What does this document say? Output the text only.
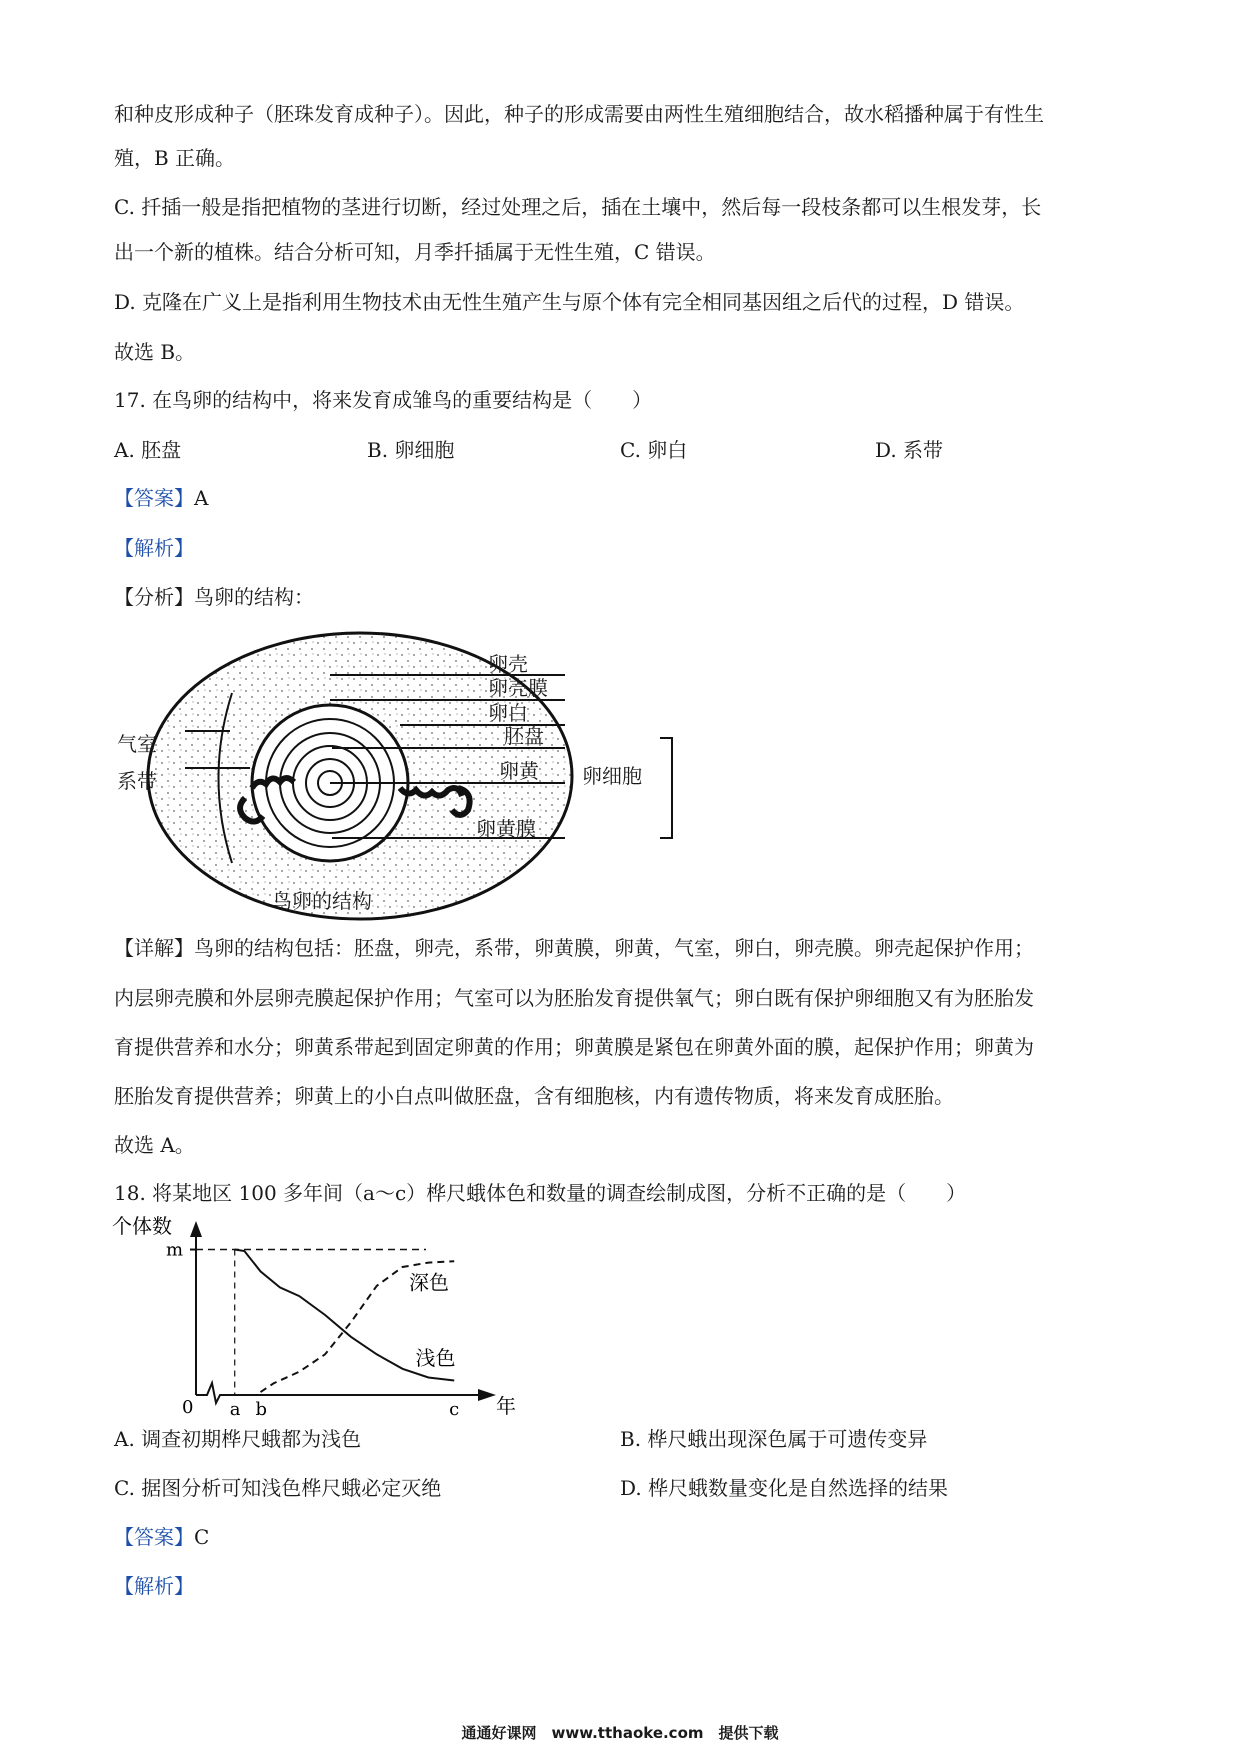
和种皮形成种子（胚珠发育成种子）。因此，种子的形成需要由两性生殖细胞结合，故水稻播种属于有性生
殖，B 正确。
C. 扦插一般是指把植物的茎进行切断，经过处理之后，插在土壤中，然后每一段枝条都可以生根发芽，长
出一个新的植株。结合分析可知，月季扦插属于无性生殖，C 错误。
D. 克隆在广义上是指利用生物技术由无性生殖产生与原个体有完全相同基因组之后代的过程，D 错误。
故选 B。
17. 在鸟卵的结构中，将来发育成雏鸟的重要结构是（　　）
A. 胚盘	B. 卵细胞	C. 卵白	D. 系带
【答案】A
【解析】
【分析】鸟卵的结构：
卵壳
卵壳膜
卵白
胚盘
气室
系带	卵黄 卵细胞
卵黄膜
鸟卵的结构
【详解】鸟卵的结构包括：胚盘，卵壳，系带，卵黄膜，卵黄，气室，卵白，卵壳膜。卵壳起保护作用；
内层卵壳膜和外层卵壳膜起保护作用；气室可以为胚胎发育提供氧气；卵白既有保护卵细胞又有为胚胎发
育提供营养和水分；卵黄系带起到固定卵黄的作用；卵黄膜是紧包在卵黄外面的膜，起保护作用；卵黄为
胚胎发育提供营养；卵黄上的小白点叫做胚盘，含有细胞核，内有遗传物质，将来发育成胚胎。
故选 A。
18. 将某地区 100 多年间（a～c）桦尺蛾体色和数量的调查绘制成图，分析不正确的是（　　）
m
a b	c
深色
浅色
个体数
年
0
A. 调查初期桦尺蛾都为浅色	B. 桦尺蛾出现深色属于可遗传变异
C. 据图分析可知浅色桦尺蛾必定灭绝	D. 桦尺蛾数量变化是自然选择的结果
【答案】C
【解析】
通通好课网　www.tthaoke.com　提供下载
